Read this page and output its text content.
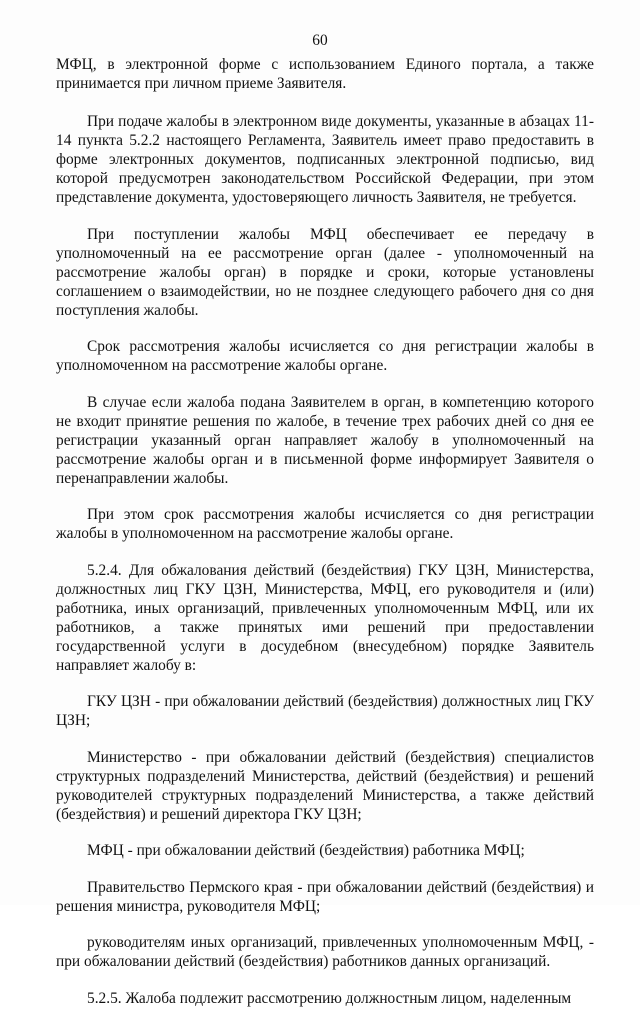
60

МФЦ, в электронной форме с использованием Единого портала, а также принимается при личном приеме Заявителя.

При подаче жалобы в электронном виде документы, указанные в абзацах 11-14 пункта 5.2.2 настоящего Регламента, Заявитель имеет право предоставить в форме электронных документов, подписанных электронной подписью, вид которой предусмотрен законодательством Российской Федерации, при этом представление документа, удостоверяющего личность Заявителя, не требуется.

При поступлении жалобы МФЦ обеспечивает ее передачу в уполномоченный на ее рассмотрение орган (далее - уполномоченный на рассмотрение жалобы орган) в порядке и сроки, которые установлены соглашением о взаимодействии, но не позднее следующего рабочего дня со дня поступления жалобы.

Срок рассмотрения жалобы исчисляется со дня регистрации жалобы в уполномоченном на рассмотрение жалобы органе.

В случае если жалоба подана Заявителем в орган, в компетенцию которого не входит принятие решения по жалобе, в течение трех рабочих дней со дня ее регистрации указанный орган направляет жалобу в уполномоченный на рассмотрение жалобы орган и в письменной форме информирует Заявителя о перенаправлении жалобы.

При этом срок рассмотрения жалобы исчисляется со дня регистрации жалобы в уполномоченном на рассмотрение жалобы органе.

5.2.4. Для обжалования действий (бездействия) ГКУ ЦЗН, Министерства, должностных лиц ГКУ ЦЗН, Министерства, МФЦ, его руководителя и (или) работника, иных организаций, привлеченных уполномоченным МФЦ, или их работников, а также принятых ими решений при предоставлении государственной услуги в досудебном (внесудебном) порядке Заявитель направляет жалобу в:

ГКУ ЦЗН - при обжаловании действий (бездействия) должностных лиц ГКУ ЦЗН;

Министерство - при обжаловании действий (бездействия) специалистов структурных подразделений Министерства, действий (бездействия) и решений руководителей структурных подразделений Министерства, а также действий (бездействия) и решений директора ГКУ ЦЗН;

МФЦ - при обжаловании действий (бездействия) работника МФЦ;

Правительство Пермского края - при обжаловании действий (бездействия) и решения министра, руководителя МФЦ;

руководителям иных организаций, привлеченных уполномоченным МФЦ, - при обжаловании действий (бездействия) работников данных организаций.

5.2.5. Жалоба подлежит рассмотрению должностным лицом, наделенным
